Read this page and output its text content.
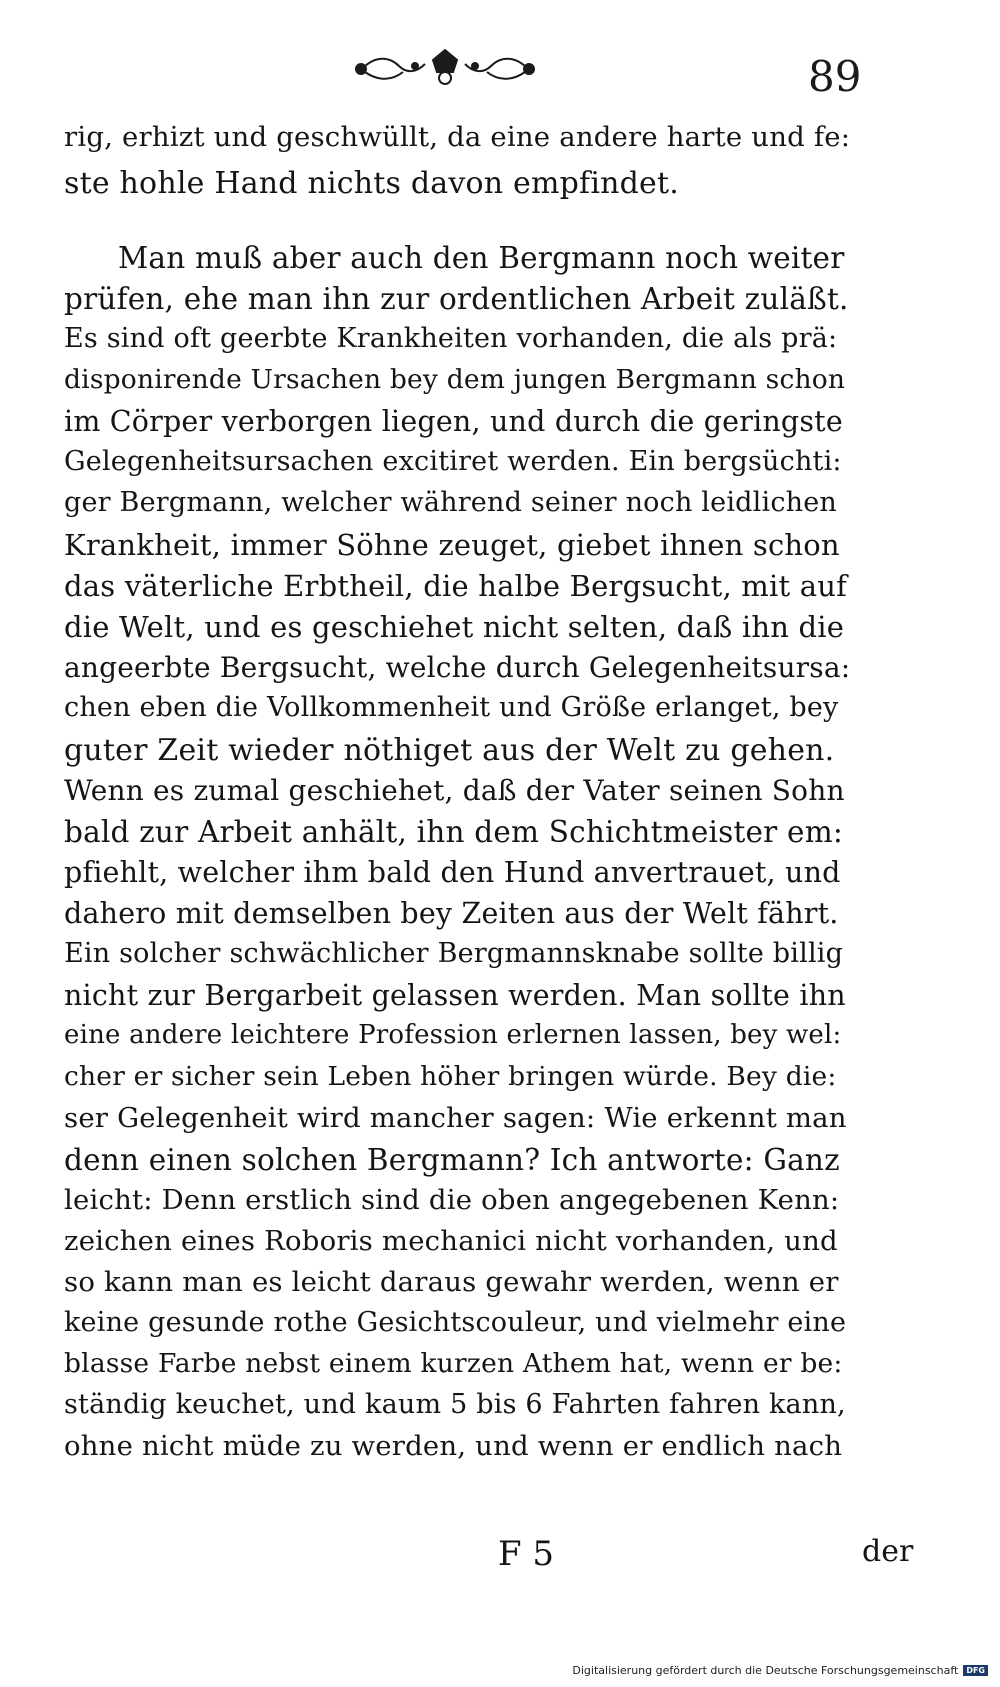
89
rig, erhizt und geschwüllt, da eine andere harte und fe:
ste hohle Hand nichts davon empfindet.
Man muß aber auch den Bergmann noch weiter
prüfen, ehe man ihn zur ordentlichen Arbeit zuläßt.
Es sind oft geerbte Krankheiten vorhanden, die als prä:
disponirende Ursachen bey dem jungen Bergmann schon
im Cörper verborgen liegen, und durch die geringste
Gelegenheitsursachen excitiret werden. Ein bergsüchti:
ger Bergmann, welcher während seiner noch leidlichen
Krankheit, immer Söhne zeuget, giebet ihnen schon
das väterliche Erbtheil, die halbe Bergsucht, mit auf
die Welt, und es geschiehet nicht selten, daß ihn die
angeerbte Bergsucht, welche durch Gelegenheitsursa:
chen eben die Vollkommenheit und Größe erlanget, bey
guter Zeit wieder nöthiget aus der Welt zu gehen.
Wenn es zumal geschiehet, daß der Vater seinen Sohn
bald zur Arbeit anhält, ihn dem Schichtmeister em:
pfiehlt, welcher ihm bald den Hund anvertrauet, und
dahero mit demselben bey Zeiten aus der Welt fährt.
Ein solcher schwächlicher Bergmannsknabe sollte billig
nicht zur Bergarbeit gelassen werden. Man sollte ihn
eine andere leichtere Profession erlernen lassen, bey wel:
cher er sicher sein Leben höher bringen würde. Bey die:
ser Gelegenheit wird mancher sagen: Wie erkennt man
denn einen solchen Bergmann? Ich antworte: Ganz
leicht: Denn erstlich sind die oben angegebenen Kenn:
zeichen eines Roboris mechanici nicht vorhanden, und
so kann man es leicht daraus gewahr werden, wenn er
keine gesunde rothe Gesichtscouleur, und vielmehr eine
blasse Farbe nebst einem kurzen Athem hat, wenn er be:
ständig keuchet, und kaum 5 bis 6 Fahrten fahren kann,
ohne nicht müde zu werden, und wenn er endlich nach
F 5	der
Digitalisierung gefördert durch die Deutsche Forschungsgemeinschaft	DFG
